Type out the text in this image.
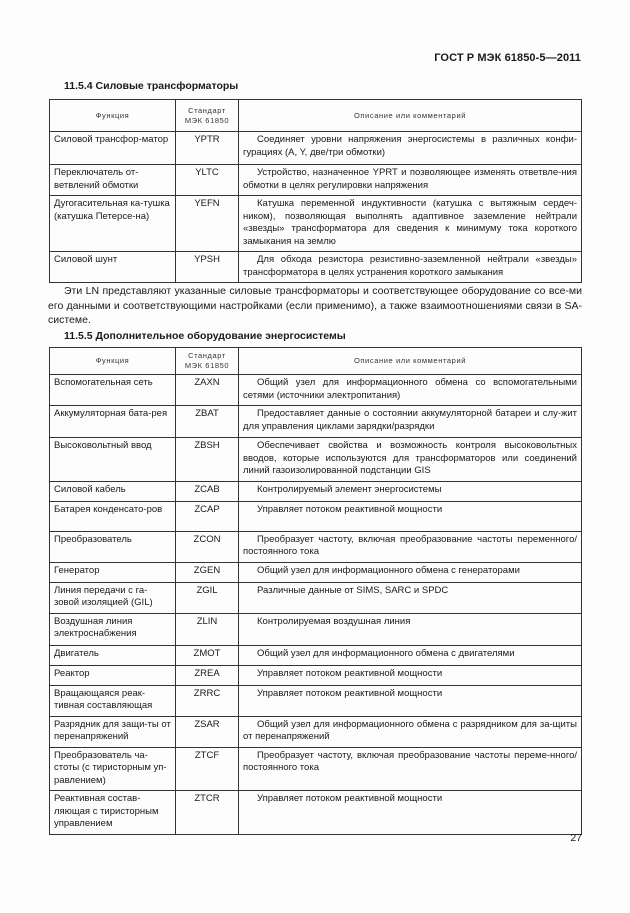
ГОСТ Р МЭК 61850-5—2011
11.5.4 Силовые трансформаторы
Функция	Стандарт МЭК 61850	Описание или комментарий
Силовой трансфор-матор	YPTR	Соединяет уровни напряжения энергосистемы в различных конфи-гурациях (A, Y, две/три обмотки)
Переключатель от-ветвлений обмотки	YLTC	Устройство, назначенное YPRT и позволяющее изменять ответвле-ния обмотки в целях регулировки напряжения
Дугогасительная ка-тушка (катушка Петерсе-на)	YEFN	Катушка переменной индуктивности (катушка с вытяжным сердеч-ником), позволяющая выполнять адаптивное заземление нейтрали «звезды» трансформатора для сведения к минимуму тока короткого замыкания на землю
Силовой шунт	YPSH	Для обхода резистора резистивно-заземленной нейтрали «звезды» трансформатора в целях устранения короткого замыкания
Эти LN представляют указанные силовые трансформаторы и соответствующее оборудование со все-ми его данными и соответствующими настройками (если применимо), а также взаимоотношениями связи в SA-системе.
11.5.5 Дополнительное оборудование энергосистемы
Функция	Стандарт МЭК 61850	Описание или комментарий
Вспомогательная сеть	ZAXN	Общий узел для информационного обмена со вспомогательными сетями (источники электропитания)
Аккумуляторная бата-рея	ZBAT	Предоставляет данные о состоянии аккумуляторной батареи и слу-жит для управления циклами зарядки/разрядки
Высоковольтный ввод	ZBSH	Обеспечивает свойства и возможность контроля высоковольтных вводов, которые используются для трансформаторов или соединений линий газоизолированной подстанции GIS
Силовой кабель	ZCAB	Контролируемый элемент энергосистемы
Батарея конденсато-ров	ZCAP	Управляет потоком реактивной мощности
Преобразователь	ZCON	Преобразует частоту, включая преобразование частоты переменного/постоянного тока
Генератор	ZGEN	Общий узел для информационного обмена с генераторами
Линия передачи с га-зовой изоляцией (GIL)	ZGIL	Различные данные от SIMS, SARC и SPDC
Воздушная линия электроснабжения	ZLIN	Контролируемая воздушная линия
Двигатель	ZMOT	Общий узел для информационного обмена с двигателями
Реактор	ZREA	Управляет потоком реактивной мощности
Вращающаяся реак-тивная составляющая	ZRRC	Управляет потоком реактивной мощности
Разрядник для защи-ты от перенапряжений	ZSAR	Общий узел для информационного обмена с разрядником для за-щиты от перенапряжений
Преобразователь ча-стоты (с тиристорным уп-равлением)	ZTCF	Преобразует частоту, включая преобразование частоты переме-нного/постоянного тока
Реактивная состав-ляющая с тиристорным управлением	ZTCR	Управляет потоком реактивной мощности
27
